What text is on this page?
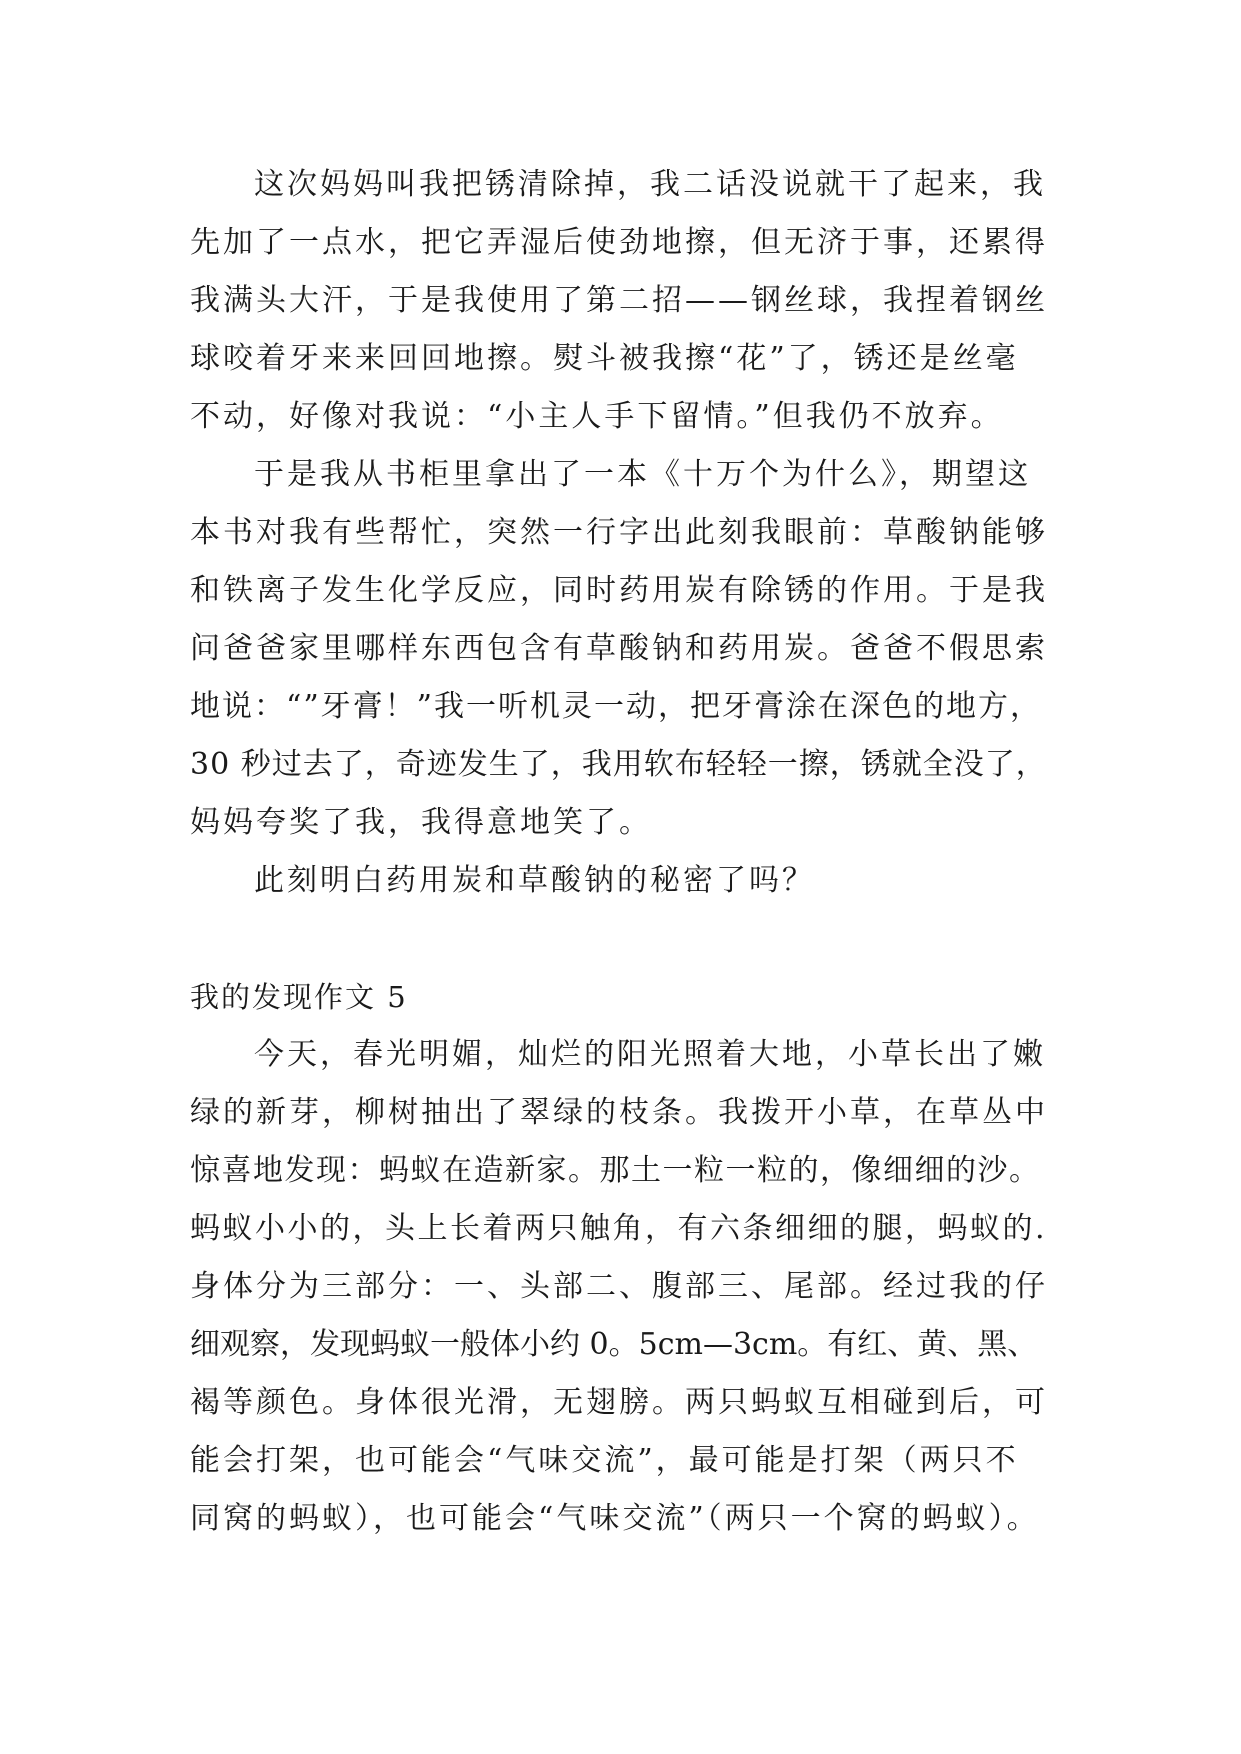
这次妈妈叫我把锈清除掉，我二话没说就干了起来，我
先加了一点水，把它弄湿后使劲地擦，但无济于事，还累得
我满头大汗，于是我使用了第二招——钢丝球，我捏着钢丝
球咬着牙来来回回地擦。熨斗被我擦“花”了，锈还是丝毫
不动，好像对我说：“小主人手下留情。”但我仍不放弃。
于是我从书柜里拿出了一本《十万个为什么》，期望这
本书对我有些帮忙，突然一行字出此刻我眼前：草酸钠能够
和铁离子发生化学反应，同时药用炭有除锈的作用。于是我
问爸爸家里哪样东西包含有草酸钠和药用炭。爸爸不假思索
地说：“”牙膏！”我一听机灵一动，把牙膏涂在深色的地方，
30 秒过去了，奇迹发生了，我用软布轻轻一擦，锈就全没了，
妈妈夸奖了我，我得意地笑了。
此刻明白药用炭和草酸钠的秘密了吗？
我的发现作文 5
今天，春光明媚，灿烂的阳光照着大地，小草长出了嫩
绿的新芽，柳树抽出了翠绿的枝条。我拨开小草，在草丛中
惊喜地发现：蚂蚁在造新家。那土一粒一粒的，像细细的沙。
蚂蚁小小的，头上长着两只触角，有六条细细的腿，蚂蚁的.
身体分为三部分：一、头部二、腹部三、尾部。经过我的仔
细观察，发现蚂蚁一般体小约 0。5cm—3cm。有红、黄、黑、
褐等颜色。身体很光滑，无翅膀。两只蚂蚁互相碰到后，可
能会打架，也可能会“气味交流”，最可能是打架（两只不
同窝的蚂蚁），也可能会“气味交流”（两只一个窝的蚂蚁）。
